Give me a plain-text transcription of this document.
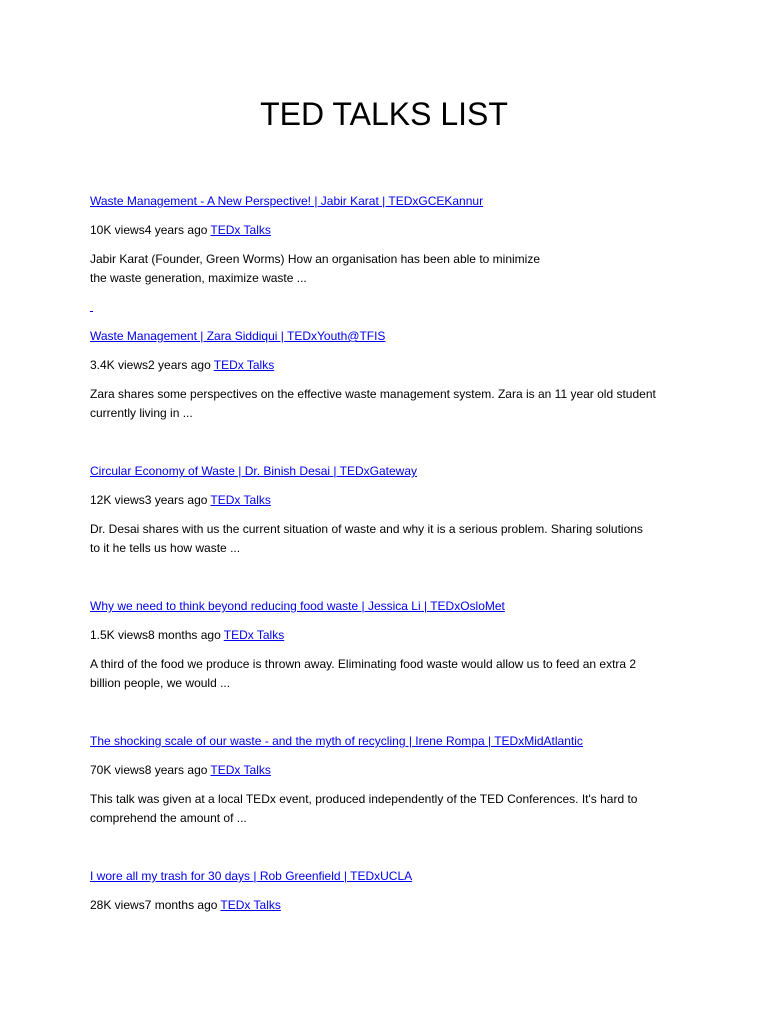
TED TALKS LIST
Waste Management - A New Perspective! | Jabir Karat | TEDxGCEKannur
10K views4 years ago TEDx Talks
Jabir Karat (Founder, Green Worms) How an organisation has been able to minimize
the waste generation, maximize waste ...
Waste Management | Zara Siddiqui | TEDxYouth@TFIS
3.4K views2 years ago TEDx Talks
Zara shares some perspectives on the effective waste management system. Zara is an 11 year old student
currently living in ...
Circular Economy of Waste | Dr. Binish Desai | TEDxGateway
12K views3 years ago TEDx Talks
Dr. Desai shares with us the current situation of waste and why it is a serious problem. Sharing solutions
to it he tells us how waste ...
Why we need to think beyond reducing food waste | Jessica Li | TEDxOsloMet
1.5K views8 months ago TEDx Talks
A third of the food we produce is thrown away. Eliminating food waste would allow us to feed an extra 2
billion people, we would ...
The shocking scale of our waste - and the myth of recycling | Irene Rompa | TEDxMidAtlantic
70K views8 years ago TEDx Talks
This talk was given at a local TEDx event, produced independently of the TED Conferences. It's hard to
comprehend the amount of ...
I wore all my trash for 30 days | Rob Greenfield | TEDxUCLA
28K views7 months ago TEDx Talks
